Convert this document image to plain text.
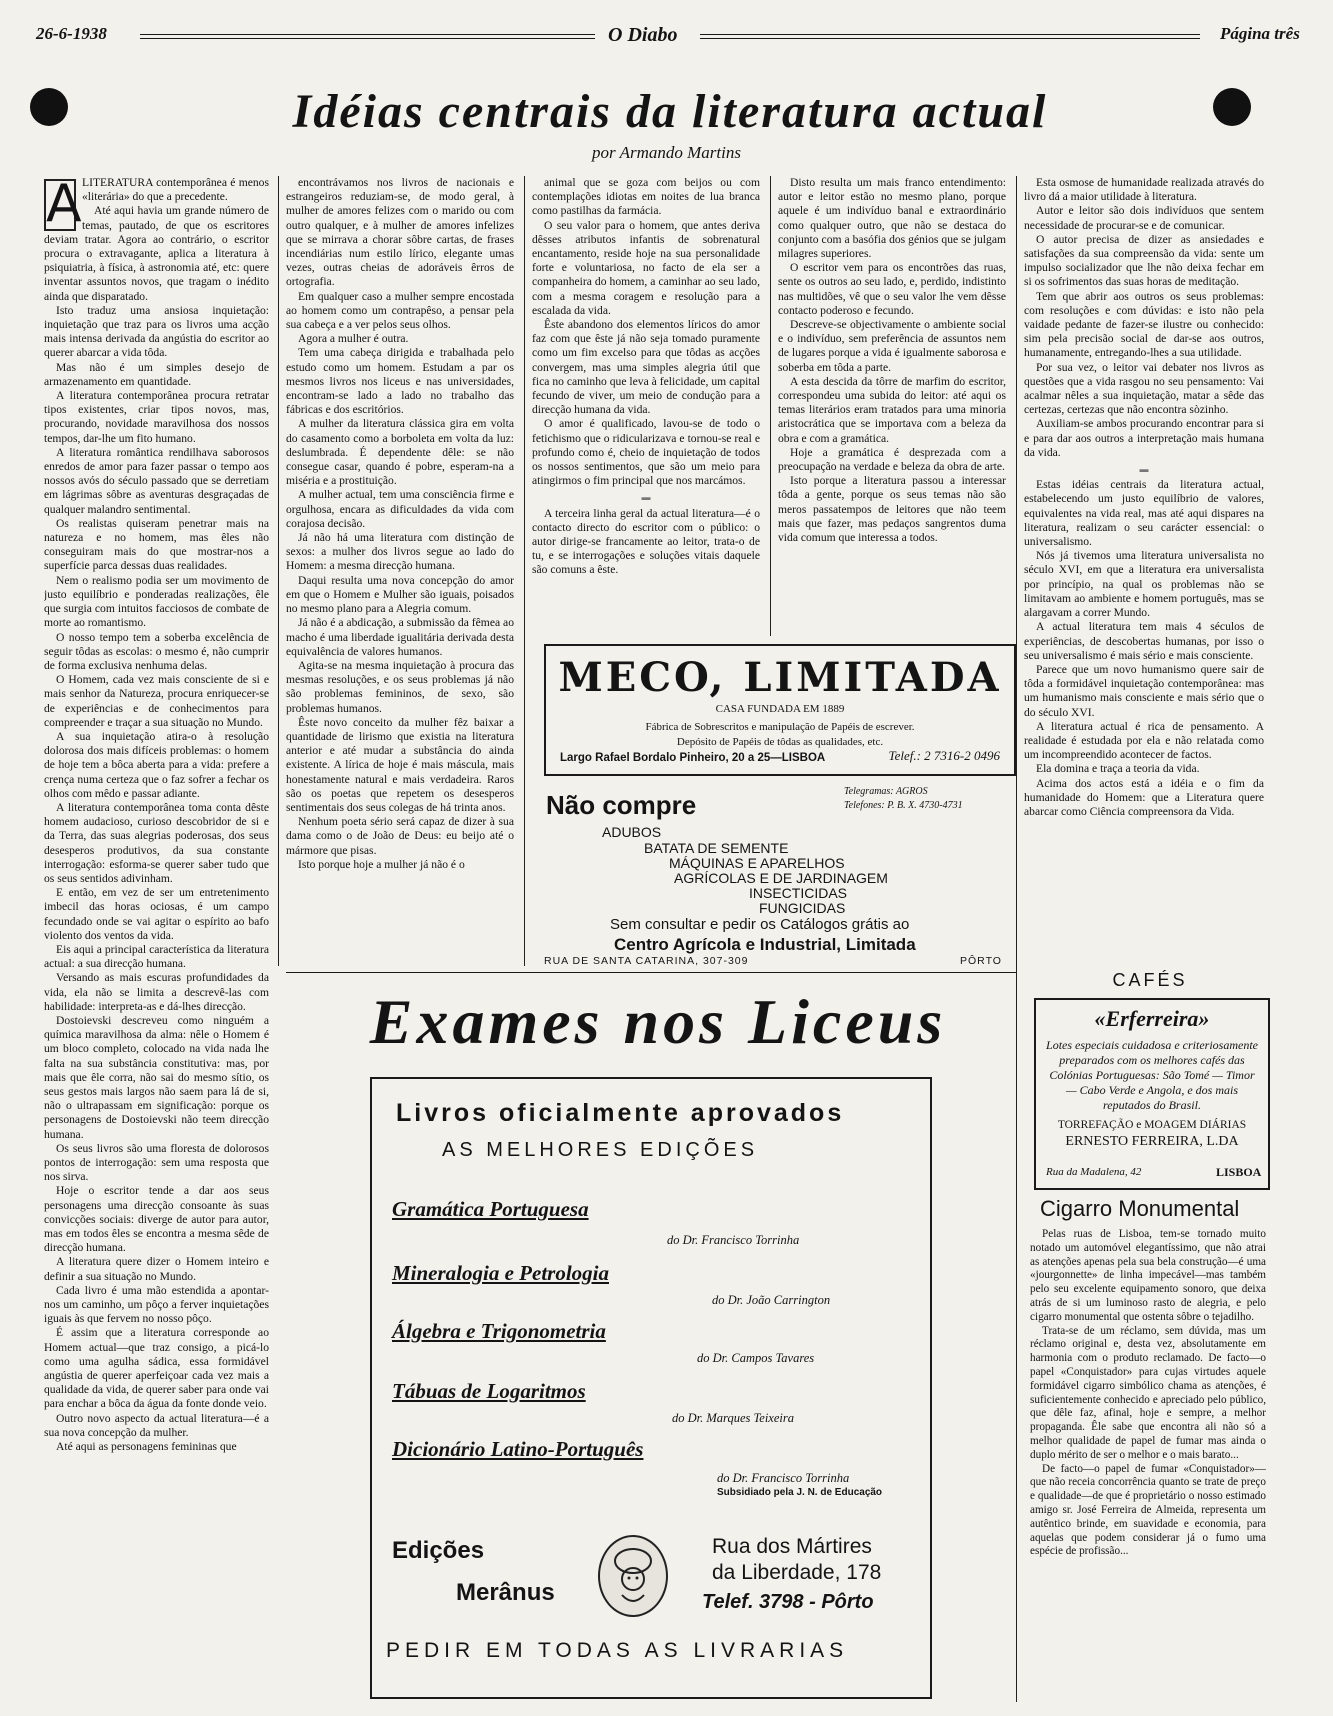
26-6-1938	O Diabo	Página três
Idéias centrais da literatura actual
por Armando Martins
A LITERATURA contemporânea é menos «literária» do que a precedente.

Até aqui havia um grande número de temas, pautado, de que os escritores deviam tratar. Agora ao contrário, o escritor procura o extravagante, aplica a literatura à psiquiatria, à física, à astronomia até, etc: quere inventar assuntos novos, que tragam o inédito ainda que disparatado.

Isto traduz uma ansiosa inquietação: inquietação que traz para os livros uma acção mais intensa derivada da angústia do escritor ao querer abarcar a vida tôda.

Mas não é um simples desejo de armazenamento em quantidade.

A literatura contemporânea procura retratar tipos existentes, criar tipos novos, mas, procurando, novidade maravilhosa dos nossos tempos, dar-lhe um fito humano.

A literatura romântica rendilhava saborosos enredos de amor para fazer passar o tempo aos nossos avós do século passado que se derretiam em lágrimas sôbre as aventuras desgraçadas de qualquer malandro sentimental.

Os realistas quiseram penetrar mais na natureza e no homem, mas êles não conseguiram mais do que mostrar-nos a superfície parca dessas duas realidades.

Nem o realismo podia ser um movimento de justo equilíbrio e ponderadas realizações, êle que surgia com intuitos facciosos de combate de morte ao romantismo.

O nosso tempo tem a soberba excelência de seguir tôdas as escolas: o mesmo é, não cumprir de forma exclusiva nenhuma delas.

O Homem, cada vez mais consciente de si e mais senhor da Natureza, procura enriquecer-se de experiências e de conhecimentos para compreender e traçar a sua situação no Mundo.

A sua inquietação atira-o à resolução dolorosa dos mais difíceis problemas: o homem de hoje tem a bôca aberta para a vida: prefere a crença numa certeza que o faz sofrer a fechar os olhos com mêdo e passar adiante.

A literatura contemporânea toma conta dêste homem audacioso, curioso descobridor de si e da Terra, das suas alegrias poderosas, dos seus desesperos produtivos, da sua constante interrogação: esforma-se querer saber tudo que os seus sentidos adivinham.

E então, em vez de ser um entretenimento imbecil das horas ociosas, é um campo fecundado onde se vai agitar o espírito ao bafo violento dos ventos da vida.

Eis aqui a principal característica da literatura actual: a sua direcção humana.

Versando as mais escuras profundidades da vida, ela não se limita a descrevê-las com habilidade: interpreta-as e dá-lhes direcção.

Dostoievski descreveu como ninguém a química maravilhosa da alma: nêle o Homem é um bloco completo, colocado na vida nada lhe falta na sua substância constitutiva: mas, por mais que êle corra, não sai do mesmo sítio, os seus gestos mais largos não saem para lá de si, não o ultrapassam em significação: porque os personagens de Dostoievski não teem direcção humana.

Os seus livros são uma floresta de dolorosos pontos de interrogação: sem uma resposta que nos sirva.

Hoje o escritor tende a dar aos seus personagens uma direcção consoante às suas convicções sociais: diverge de autor para autor, mas em todos êles se encontra a mesma sêde de direcção humana.

A literatura quere dizer o Homem inteiro e definir a sua situação no Mundo.

Cada livro é uma mão estendida a apontar-nos um caminho, um pôço a ferver inquietações iguais às que fervem no nosso pôço.

É assim que a literatura corresponde ao Homem actual—que traz consigo, a picá-lo como uma agulha sádica, essa formidável angústia de querer aperfeiçoar cada vez mais a qualidade da vida, de querer saber para onde vai para enchar a bôca da água da fonte donde veio.

Outro novo aspecto da actual literatura—é a sua nova concepção da mulher.

Até aqui as personagens femininas que

encontrávamos nos livros de nacionais e estrangeiros reduziam-se, de modo geral, à mulher de amores felizes com o marido ou com outro qualquer, e à mulher de amores infelizes que se mirrava a chorar sôbre cartas, de frases incendiárias num estilo lírico, elegante umas vezes, outras cheias de adoráveis êrros de ortografia.

Em qualquer caso a mulher sempre encostada ao homem como um contrapêso, a pensar pela sua cabeça e a ver pelos seus olhos.

Agora a mulher é outra.

Tem uma cabeça dirigida e trabalhada pelo estudo como um homem. Estudam a par os mesmos livros nos liceus e nas universidades, encontram-se lado a lado no trabalho das fábricas e dos escritórios.

A mulher da literatura clássica gira em volta do casamento como a borboleta em volta da luz: deslumbrada. É dependente dêle: se não consegue casar, quando é pobre, esperam-na a miséria e a prostituição.

A mulher actual, tem uma consciência firme e orgulhosa, encara as dificuldades da vida com corajosa decisão.

Já não há uma literatura com distinção de sexos: a mulher dos livros segue ao lado do Homem: a mesma direcção humana.

Daqui resulta uma nova concepção do amor em que o Homem e Mulher são iguais, poisados no mesmo plano para a Alegria comum.

Já não é a abdicação, a submissão da fêmea ao macho é uma liberdade igualitária derivada desta equivalência de valores humanos.

Agita-se na mesma inquietação à procura das mesmas resoluções, e os seus problemas já não são problemas femininos, de sexo, são problemas humanos.

Êste novo conceito da mulher fêz baixar a quantidade de lirismo que existia na literatura anterior e até mudar a substância do ainda existente. A lírica de hoje é mais máscula, mais honestamente natural e mais verdadeira. Raros são os poetas que repetem os desesperos sentimentais dos seus colegas de há trinta anos.

Nenhum poeta sério será capaz de dizer à sua dama como o de João de Deus: eu beijo até o mármore que pisas.

Isto porque hoje a mulher já não é o

animal que se goza com beijos ou com contemplações idiotas em noites de lua branca como pastilhas da farmácia.

O seu valor para o homem, que antes deriva dêsses atributos infantis de sobrenatural encantamento, reside hoje na sua personalidade forte e voluntariosa, no facto de ela ser a companheira do homem, a caminhar ao seu lado, com a mesma coragem e resolução para a escalada da vida.

Êste abandono dos elementos líricos do amor faz com que êste já não seja tomado puramente como um fim excelso para que tôdas as acções convergem, mas uma simples alegria útil que fica no caminho que leva à felicidade, um capital fecundo de viver, um meio de condução para a direcção humana da vida.

O amor é qualificado, lavou-se de todo o fetichismo que o ridicularizava e tornou-se real e profundo como é, cheio de inquietação de todos os nossos sentimentos, que são um meio para atingirmos o fim principal que nos marcámos.

▬

A terceira linha geral da actual literatura—é o contacto directo do escritor com o público: o autor dirige-se francamente ao leitor, trata-o de tu, e se interrogações e soluções vitais daquele são comuns a êste.

Disto resulta um mais franco entendimento: autor e leitor estão no mesmo plano, porque aquele é um indivíduo banal e extraordinário como qualquer outro, que não se destaca do conjunto com a basófia dos génios que se julgam milagres superiores.

O escritor vem para os encontrões das ruas, sente os outros ao seu lado, e, perdido, indistinto nas multidões, vê que o seu valor lhe vem dêsse contacto poderoso e fecundo.

Descreve-se objectivamente o ambiente social e o indivíduo, sem preferência de assuntos nem de lugares porque a vida é igualmente saborosa e soberba em tôda a parte.

A esta descida da tôrre de marfim do escritor, correspondeu uma subida do leitor: até aqui os temas literários eram tratados para uma minoria aristocrática que se importava com a beleza da obra e com a gramática.

Hoje a gramática é desprezada com a preocupação na verdade e beleza da obra de arte.

Isto porque a literatura passou a interessar tôda a gente, porque os seus temas não são meros passatempos de leitores que não teem mais que fazer, mas pedaços sangrentos duma vida comum que interessa a todos.

Esta osmose de humanidade realizada através do livro dá a maior utilidade à literatura.

Autor e leitor são dois indivíduos que sentem necessidade de procurar-se e de comunicar.

O autor precisa de dizer as ansiedades e satisfações da sua compreensão da vida: sente um impulso socializador que lhe não deixa fechar em si os sofrimentos das suas horas de meditação.

Tem que abrir aos outros os seus problemas: com resoluções e com dúvidas: e isto não pela vaidade pedante de fazer-se ilustre ou conhecido: sim pela precisão social de dar-se aos outros, humanamente, entregando-lhes a sua utilidade.

Por sua vez, o leitor vai debater nos livros as questões que a vida rasgou no seu pensamento: Vai acalmar nêles a sua inquietação, matar a sêde das certezas, certezas que não encontra sòzinho.

Auxiliam-se ambos procurando encontrar para si e para dar aos outros a interpretação mais humana da vida.

▬

Estas idéias centrais da literatura actual, estabelecendo um justo equilíbrio de valores, equivalentes na vida real, mas até aqui dispares na literatura, realizam o seu carácter essencial: o universalismo.

Nós já tivemos uma literatura universalista no século XVI, em que a literatura era universalista por princípio, na qual os problemas não se limitavam ao ambiente e homem português, mas se alargavam a correr Mundo.

A actual literatura tem mais 4 séculos de experiências, de descobertas humanas, por isso o seu universalismo é mais sério e mais consciente.

Parece que um novo humanismo quere sair de tôda a formidável inquietação contemporânea: mas um humanismo mais consciente e mais sério que o do século XVI.

A literatura actual é rica de pensamento. A realidade é estudada por ela e não relatada como um incompreendido acontecer de factos.

Ela domina e traça a teoria da vida.

Acima dos actos está a idéia e o fim da humanidade do Homem: que a Literatura quere abarcar como Ciência compreensora da Vida.

MECO, LIMITADA
CASA FUNDADA EM 1889
Fábrica de Sobrescritos e manipulação de Papéis de escrever.
Depósito de Papéis de tôdas as qualidades, etc.
Largo Rafael Bordalo Pinheiro, 20 a 25—LISBOA	Telef.: 2 7316-2 0496
Não compre	Telegramas: AGROS
Telefones: P. B. X. 4730-4731
ADUBOS
BATATA DE SEMENTE
MÁQUINAS E APARELHOS
AGRÍCOLAS E DE JARDINAGEM
INSECTICIDAS
FUNGICIDAS
Sem consultar e pedir os Catálogos grátis ao
Centro Agrícola e Industrial, Limitada
RUA DE SANTA CATARINA, 307-309	PÔRTO
Exames nos Liceus
Livros oficialmente aprovados
AS MELHORES EDIÇÕES
Gramática Portuguesa
do Dr. Francisco Torrinha
Mineralogia e Petrologia
do Dr. João Carrington
Álgebra e Trigonometria
do Dr. Campos Tavares
Tábuas de Logaritmos
do Dr. Marques Teixeira
Dicionário Latino-Português
do Dr. Francisco Torrinha
Subsidiado pela J. N. de Educação
Edições
Merânus
Rua dos Mártires
da Liberdade, 178
Telef. 3798 - Pôrto
PEDIR EM TODAS AS LIVRARIAS
CAFÉS
«Erferreira»
Lotes especiais cuidadosa e criteriosamente preparados com os melhores cafés das Colónias Portuguesas: São Tomé — Timor — Cabo Verde e Angola, e dos mais reputados do Brasil.
TORREFAÇÃO e MOAGEM DIÁRIAS
ERNESTO FERREIRA, L.DA
Rua da Madalena, 42	LISBOA
Cigarro Monumental

Pelas ruas de Lisboa, tem-se tornado muito notado um automóvel elegantíssimo, que não atrai as atenções apenas pela sua bela construção—é uma «jourgonnette» de linha impecável—mas também pelo seu excelente equipamento sonoro, que deixa atrás de si um luminoso rasto de alegria, e pelo cigarro monumental que ostenta sôbre o tejadilho.

Trata-se de um réclamo, sem dúvida, mas um réclamo original e, desta vez, absolutamente em harmonia com o produto reclamado. De facto—o papel «Conquistador» para cujas virtudes aquele formidável cigarro simbólico chama as atenções, é suficientemente conhecido e apreciado pelo público, que dêle faz, afinal, hoje e sempre, a melhor propaganda. Êle sabe que encontra ali não só a melhor qualidade de papel de fumar mas ainda o duplo mérito de ser o melhor e o mais barato...

De facto—o papel de fumar «Conquistador»—que não receia concorrência quanto se trate de preço e qualidade—de que é proprietário o nosso estimado amigo sr. José Ferreira de Almeida, representa um autêntico brinde, em suavidade e economia, para aquelas que podem considerar já o fumo uma espécie de profissão...
